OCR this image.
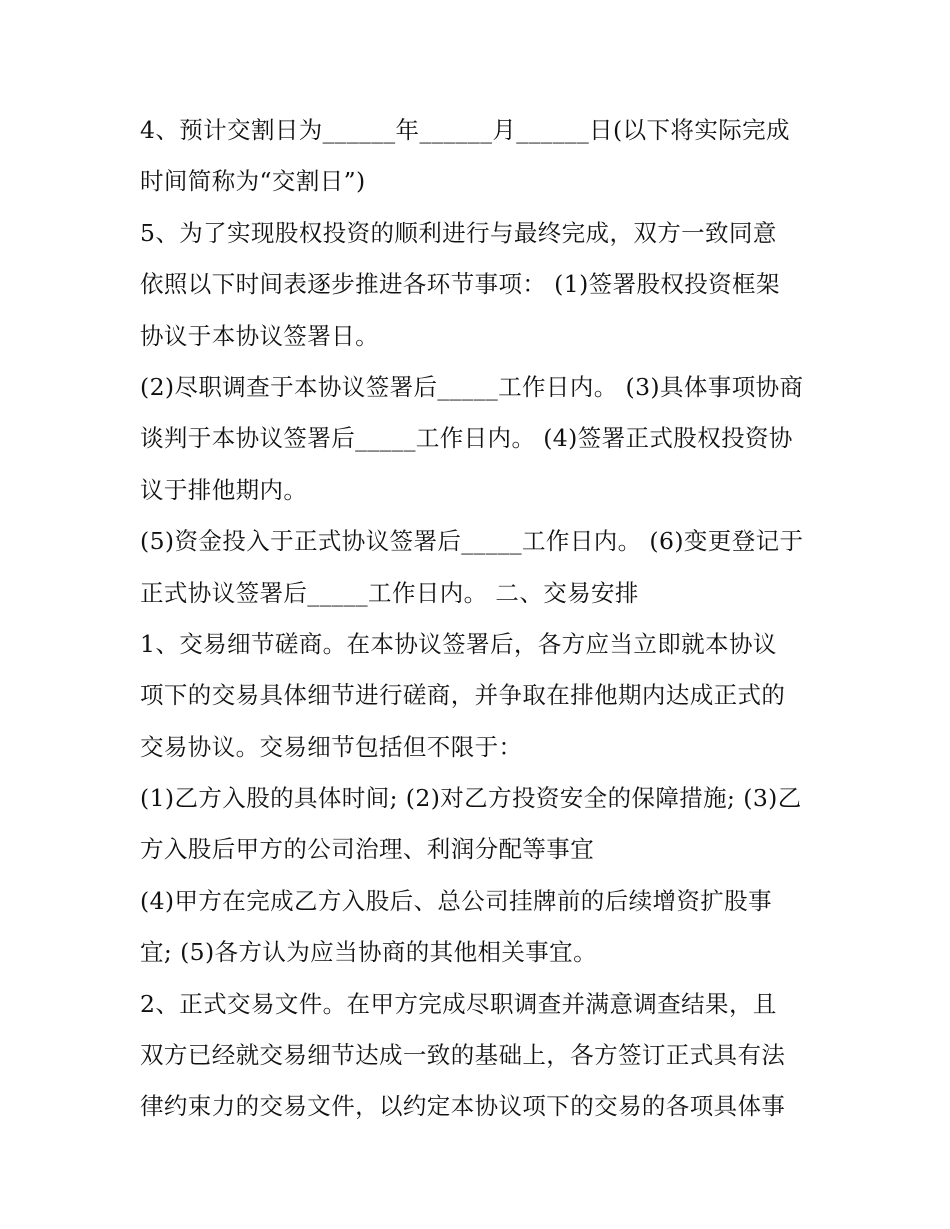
4、预计交割日为______年______月______日(以下将实际完成
时间简称为“交割日”)
5、为了实现股权投资的顺利进行与最终完成，双方一致同意
依照以下时间表逐步推进各环节事项： (1)签署股权投资框架
协议于本协议签署日。
(2)尽职调查于本协议签署后_____工作日内。 (3)具体事项协商
谈判于本协议签署后_____工作日内。 (4)签署正式股权投资协
议于排他期内。
(5)资金投入于正式协议签署后_____工作日内。 (6)变更登记于
正式协议签署后_____工作日内。 二、交易安排
1、交易细节磋商。在本协议签署后，各方应当立即就本协议
项下的交易具体细节进行磋商，并争取在排他期内达成正式的
交易协议。交易细节包括但不限于：
(1)乙方入股的具体时间; (2)对乙方投资安全的保障措施; (3)乙
方入股后甲方的公司治理、利润分配等事宜
(4)甲方在完成乙方入股后、总公司挂牌前的后续增资扩股事
宜; (5)各方认为应当协商的其他相关事宜。
2、正式交易文件。在甲方完成尽职调查并满意调查结果，且
双方已经就交易细节达成一致的基础上，各方签订正式具有法
律约束力的交易文件，以约定本协议项下的交易的各项具体事
